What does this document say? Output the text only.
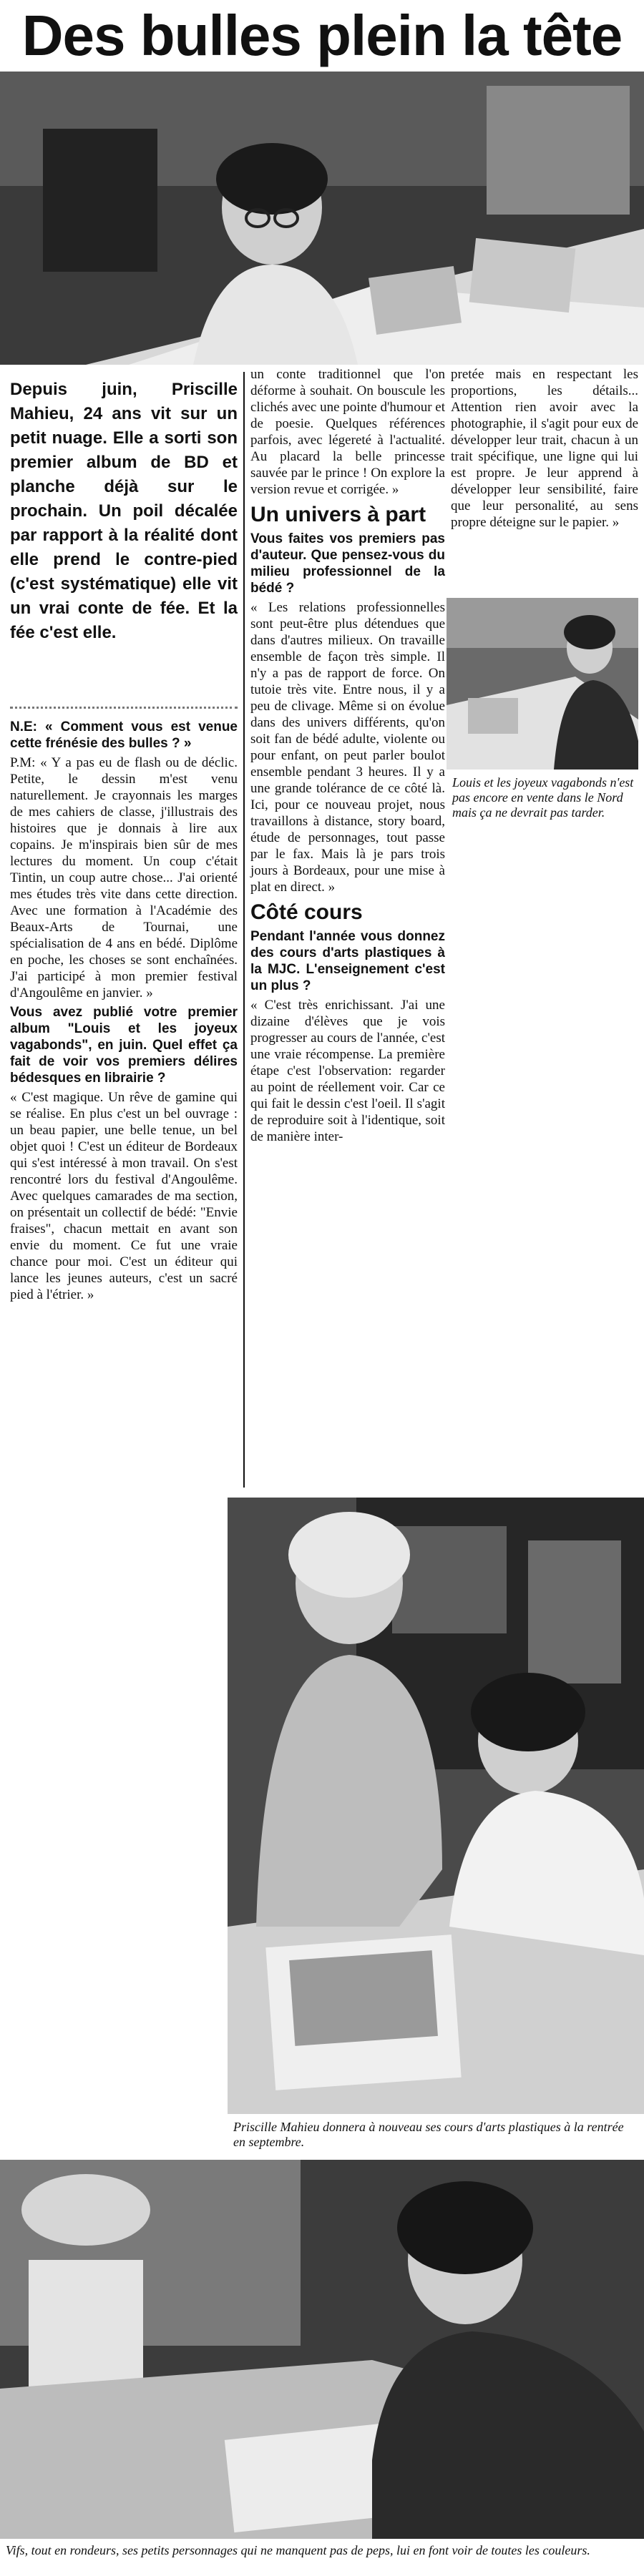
Des bulles plein la tête
Depuis juin, Priscille Mahieu, 24 ans vit sur un petit nuage. Elle a sorti son premier album de BD et planche déjà sur le prochain. Un poil décalée par rapport à la réalité dont elle prend le contre-pied (c'est systématique) elle vit un vrai conte de fée. Et la fée c'est elle.

N.E: « Comment vous est venue cette frénésie des bulles ? »

P.M: « Y a pas eu de flash ou de déclic. Petite, le dessin m'est venu naturellement. Je crayonnais les marges de mes cahiers de classe, j'illustrais des histoires que je donnais à lire aux copains. Je m'inspirais bien sûr de mes lectures du moment. Un coup c'était Tintin, un coup autre chose... J'ai orienté mes études très vite dans cette direction. Avec une formation à l'Académie des Beaux-Arts de Tournai, une spécialisation de 4 ans en bédé. Diplôme en poche, les choses se sont enchaînées. J'ai participé à mon premier festival d'Angoulême en janvier. »

Vous avez publié votre premier album "Louis et les joyeux vagabonds", en juin. Quel effet ça fait de voir vos premiers délires bédesques en librairie ?

« C'est magique. Un rêve de gamine qui se réalise. En plus c'est un bel ouvrage : un beau papier, une belle tenue, un bel objet quoi ! C'est un éditeur de Bordeaux qui s'est intéressé à mon travail. On s'est rencontré lors du festival d'Angoulême. Avec quelques camarades de ma section, on présentait un collectif de bédé: "Envie fraises", chacun mettait en avant son envie du moment. Ce fut une vraie chance pour moi. C'est un éditeur qui lance les jeunes auteurs, c'est un sacré pied à l'étrier. »

un conte traditionnel que l'on déforme à souhait. On bouscule les clichés avec une pointe d'humour et de poesie. Quelques références parfois, avec légereté à l'actualité. Au placard la belle princesse sauvée par le prince ! On explore la version revue et corrigée. »

Un univers à part

Vous faites vos premiers pas d'auteur. Que pensez-vous du milieu professionnel de la bédé ?

« Les relations professionnelles sont peut-être plus détendues que dans d'autres milieux. On travaille ensemble de façon très simple. Il n'y a pas de rapport de force. On tutoie très vite. Entre nous, il y a peu de clivage. Même si on évolue dans des univers différents, qu'on soit fan de bédé adulte, violente ou pour enfant, on peut parler boulot ensemble pendant 3 heures. Il y a une grande tolérance de ce côté là. Ici, pour ce nouveau projet, nous travaillons à distance, story board, étude de personnages, tout passe par le fax. Mais là je pars trois jours à Bordeaux, pour une mise à plat en direct. »

Côté cours

Pendant l'année vous donnez des cours d'arts plastiques à la MJC. L'enseignement c'est un plus ?

« C'est très enrichissant. J'ai une dizaine d'élèves que je vois progresser au cours de l'année, c'est une vraie récompense. La première étape c'est l'observation: regarder au point de réellement voir. Car ce qui fait le dessin c'est l'oeil. Il s'agit de reproduire soit à l'identique, soit de manière inter-

pretée mais en respectant les proportions, les détails... Attention rien avoir avec la photographie, il s'agit pour eux de développer leur trait, chacun à un trait spécifique, une ligne qui lui est propre. Je leur apprend à développer leur sensibilité, faire que leur personalité, au sens propre déteigne sur le papier. »

Louis et les joyeux vagabonds n'est pas encore en vente dans le Nord mais ça ne devrait pas tarder.
Priscille Mahieu donnera à nouveau ses cours d'arts plastiques à la rentrée en septembre.
Vifs, tout en rondeurs, ses petits personnages qui ne manquent pas de peps, lui en font voir de toutes les couleurs.
